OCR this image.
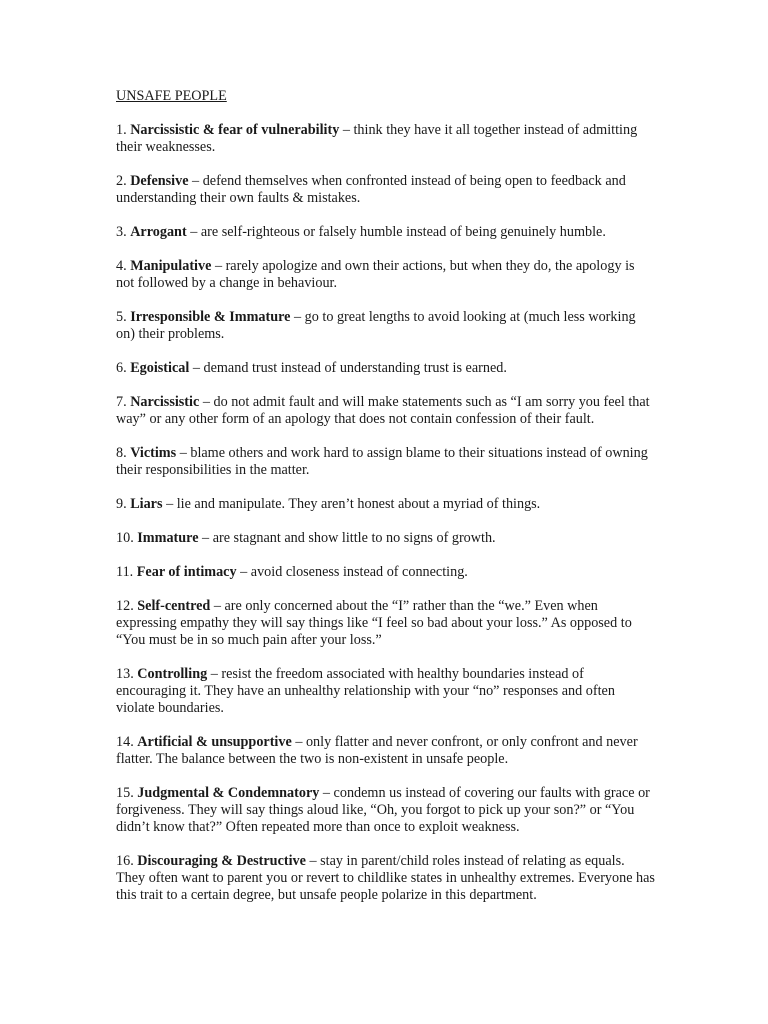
UNSAFE PEOPLE
1. Narcissistic & fear of vulnerability – think they have it all together instead of admitting their weaknesses.
2. Defensive – defend themselves when confronted instead of being open to feedback and understanding their own faults & mistakes.
3. Arrogant – are self-righteous or falsely humble instead of being genuinely humble.
4. Manipulative – rarely apologize and own their actions, but when they do, the apology is not followed by a change in behaviour.
5. Irresponsible & Immature – go to great lengths to avoid looking at (much less working on) their problems.
6. Egoistical – demand trust instead of understanding trust is earned.
7. Narcissistic – do not admit fault and will make statements such as “I am sorry you feel that way” or any other form of an apology that does not contain confession of their fault.
8. Victims – blame others and work hard to assign blame to their situations instead of owning their responsibilities in the matter.
9. Liars – lie and manipulate. They aren’t honest about a myriad of things.
10. Immature – are stagnant and show little to no signs of growth.
11. Fear of intimacy – avoid closeness instead of connecting.
12. Self-centred – are only concerned about the “I” rather than the “we.” Even when expressing empathy they will say things like “I feel so bad about your loss.” As opposed to “You must be in so much pain after your loss.”
13. Controlling – resist the freedom associated with healthy boundaries instead of encouraging it. They have an unhealthy relationship with your “no” responses and often violate boundaries.
14. Artificial & unsupportive – only flatter and never confront, or only confront and never flatter. The balance between the two is non-existent in unsafe people.
15. Judgmental & Condemnatory – condemn us instead of covering our faults with grace or forgiveness. They will say things aloud like, “Oh, you forgot to pick up your son?” or “You didn’t know that?” Often repeated more than once to exploit weakness.
16. Discouraging & Destructive – stay in parent/child roles instead of relating as equals. They often want to parent you or revert to childlike states in unhealthy extremes. Everyone has this trait to a certain degree, but unsafe people polarize in this department.
